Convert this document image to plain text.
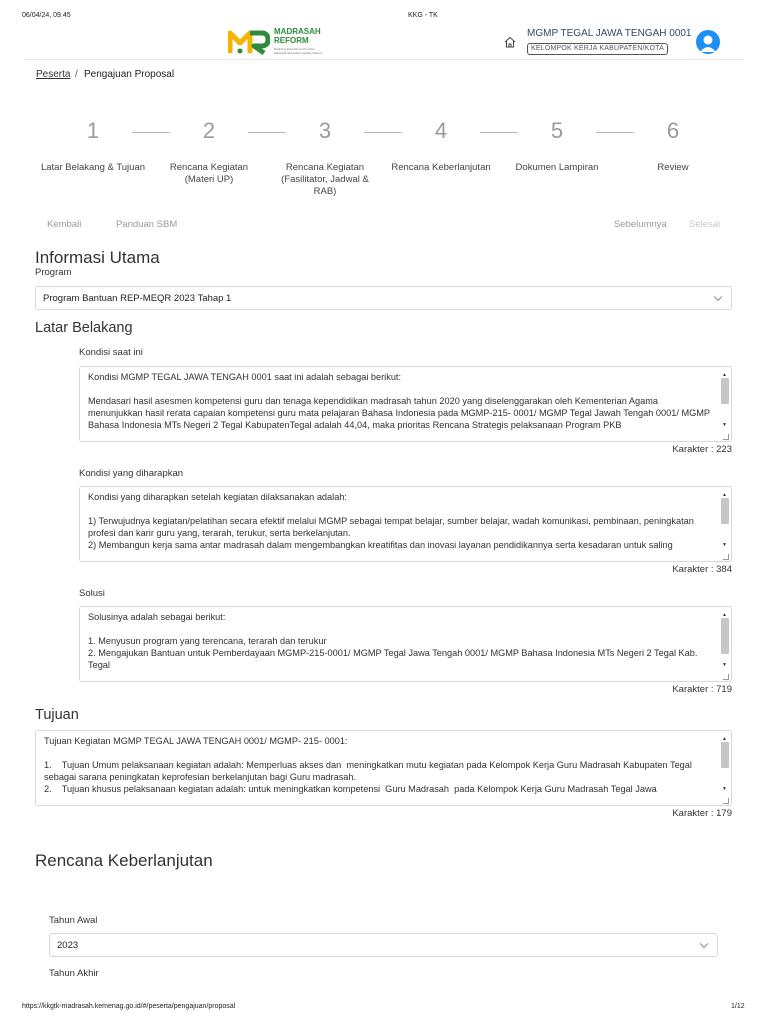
06/04/24, 09.45	KKG - TK
MADRASAH
REFORM
Realizing Education's Promise: Madrasah Education Quality Reform
MGMP TEGAL JAWA TENGAH 0001
KELOMPOK KERJA KABUPATEN/KOTA
Peserta / Pengajuan Proposal
1	2	3	4	5	6
Latar Belakang & Tujuan	Rencana Kegiatan (Materi UP)
Rencana Kegiatan (Fasilitator, Jadwal & RAB)
Rencana Keberlanjutan	Dokumen Lampiran	Review
Kembali	Panduan SBM	Sebelumnya Selesai
Informasi Utama
Program
Program Bantuan REP-MEQR 2023 Tahap 1
Latar Belakang
Kondisi saat ini
Kondisi MGMP TEGAL JAWA TENGAH 0001 saat ini adalah sebagai berikut:

Mendasari hasil asesmen kompetensi guru dan tenaga kependidikan madrasah tahun 2020 yang diselenggarakan oleh Kementerian Agama menunjukkan hasil rerata capaian kompetensi guru mata pelajaran Bahasa Indonesia pada MGMP-215- 0001/ MGMP Tegal Jawah Tengah 0001/ MGMP Bahasa Indonesia MTs Negeri 2 Tegal KabupatenTegal adalah 44,04, maka prioritas Rencana Strategis pelaksanaan Program PKB
▲
▼
Karakter : 223
Kondisi yang diharapkan
Kondisi yang diharapkan setelah kegiatan dilaksanakan adalah:

1) Terwujudnya kegiatan/pelatihan secara efektif melalui MGMP sebagai tempat belajar, sumber belajar, wadah komunikasi, pembinaan, peningkatan profesi dan karir guru yang, terarah, terukur, serta berkelanjutan.
2) Membangun kerja sama antar madrasah dalam mengembangkan kreatifitas dan inovasi layanan pendidikannya serta kesadaran untuk saling
▲
▼
Karakter : 384
Solusi
Solusinya adalah sebagai berikut:

1. Menyusun program yang terencana, terarah dan terukur
2. Mengajukan Bantuan untuk Pemberdayaan MGMP-215-0001/ MGMP Tegal Jawa Tengah 0001/ MGMP Bahasa Indonesia MTs Negeri 2 Tegal Kab. Tegal
▲
▼
Karakter : 719
Tujuan
Tujuan Kegiatan MGMP TEGAL JAWA TENGAH 0001/ MGMP- 215- 0001:

1.    Tujuan Umum pelaksanaan kegiatan adalah: Memperluas akses dan  meningkatkan mutu kegiatan pada Kelompok Kerja Guru Madrasah Kabupaten Tegal sebagai sarana peningkatan keprofesian berkelanjutan bagi Guru madrasah.
2.    Tujuan khusus pelaksanaan kegiatan adalah: untuk meningkatkan kompetensi  Guru Madrasah  pada Kelompok Kerja Guru Madrasah Tegal Jawa
▲
▼
Karakter : 179
Rencana Keberlanjutan
Tahun Awal
2023
Tahun Akhir
https://kkgtk-madrasah.kemenag.go.id/#/peserta/pengajuan/proposal	1/12
